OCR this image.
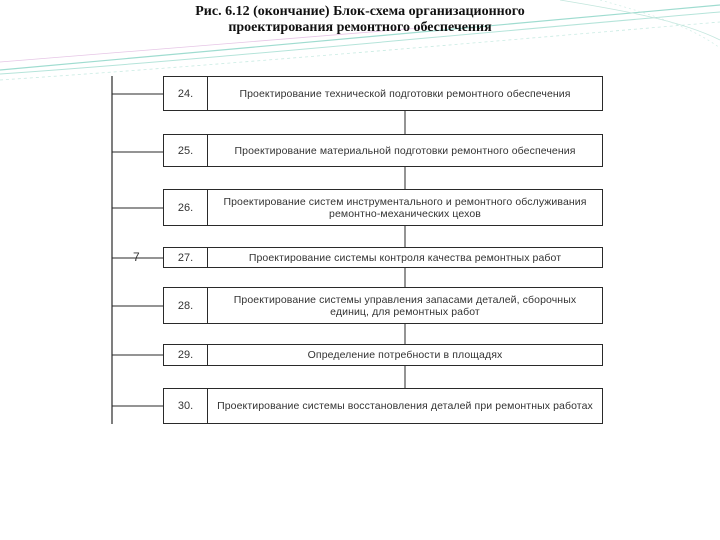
Рис. 6.12 (окончание) Блок-схема организационного
проектирования ремонтного обеспечения
7
24.	Проектирование технической подготовки ремонтного обеспечения
25.	Проектирование материальной подготовки ремонтного обеспечения
26.	Проектирование систем инструментального и ремонтного обслуживания ремонтно-механических цехов
27.	Проектирование системы контроля качества ремонтных работ
28.	Проектирование системы управления запасами деталей, сборочных единиц, для ремонтных работ
29.	Определение потребности в площадях
30.	Проектирование системы восстановления деталей при ремонтных работах
